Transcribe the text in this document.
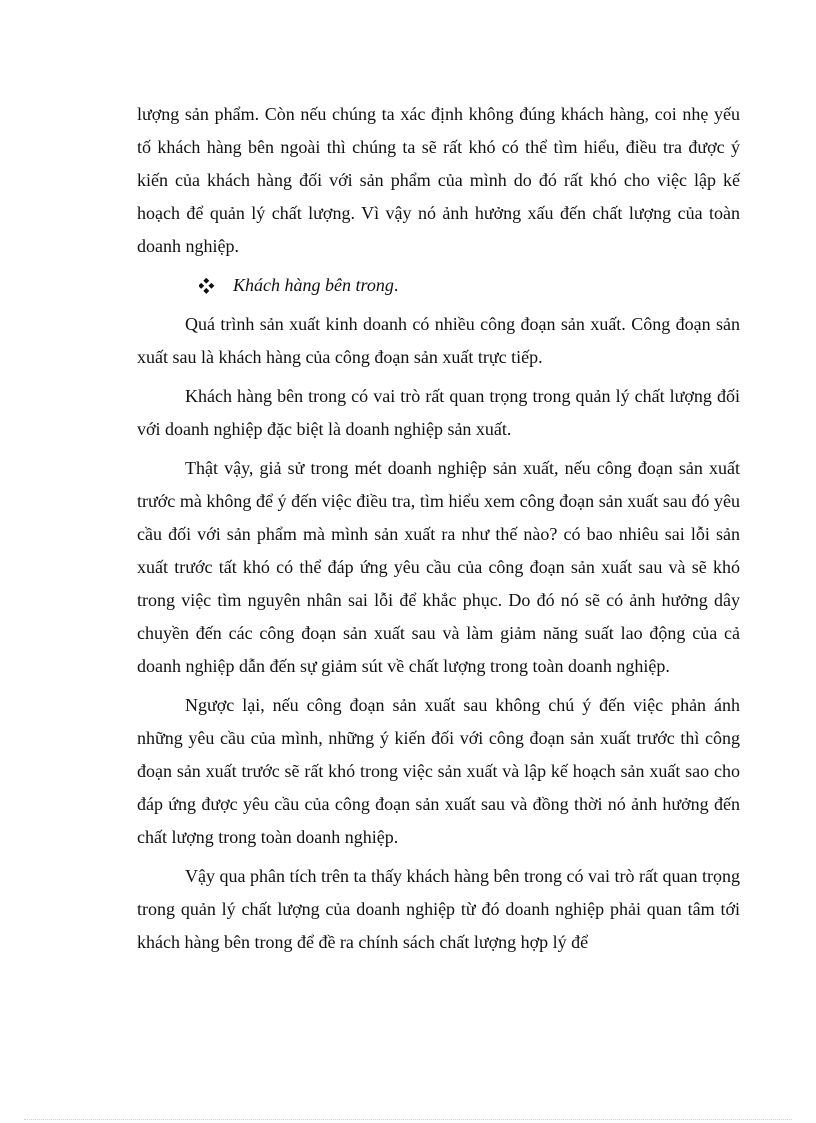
lượng sản phẩm. Còn nếu chúng ta xác định không đúng khách hàng, coi nhẹ yếu tố khách hàng bên ngoài thì chúng ta sẽ rất khó có thể tìm hiểu, điều tra được ý kiến của khách hàng đối với sản phẩm của mình do đó rất khó cho việc lập kế hoạch để quản lý chất lượng. Vì vậy nó ảnh hưởng xấu đến chất lượng của toàn doanh nghiệp.

Khách hàng bên trong .

Quá trình sản xuất kinh doanh có nhiều công đoạn sản xuất. Công đoạn sản xuất sau là khách hàng của công đoạn sản xuất trực tiếp.

Khách hàng bên trong có vai trò rất quan trọng trong quản lý chất lượng đối với doanh nghiệp đặc biệt là doanh nghiệp sản xuất.

Thật vậy, giả sử trong mét doanh nghiệp sản xuất, nếu công đoạn sản xuất trước mà không để ý đến việc điều tra, tìm hiểu xem công đoạn sản xuất sau đó yêu cầu đối với sản phẩm mà mình sản xuất ra như thế nào? có bao nhiêu sai lỗi sản xuất trước tất khó có thể đáp ứng yêu cầu của công đoạn sản xuất sau và sẽ khó trong việc tìm nguyên nhân sai lỗi để khắc phục. Do đó nó sẽ có ảnh hưởng dây chuyền đến các công đoạn sản xuất sau và làm giảm năng suất lao động của cả doanh nghiệp dẫn đến sự giảm sút về chất lượng trong toàn doanh nghiệp.

Ngược lại, nếu công đoạn sản xuất sau không chú ý đến việc phản ánh những yêu cầu của mình, những ý kiến đối với công đoạn sản xuất trước thì công đoạn sản xuất trước sẽ rất khó trong việc sản xuất và lập kế hoạch sản xuất sao cho đáp ứng được yêu cầu của công đoạn sản xuất sau và đồng thời nó ảnh hưởng đến chất lượng trong toàn doanh nghiệp.

Vậy qua phân tích trên ta thấy khách hàng bên trong có vai trò rất quan trọng trong quản lý chất lượng của doanh nghiệp từ đó doanh nghiệp phải quan tâm tới khách hàng bên trong để đề ra chính sách chất lượng hợp lý để
